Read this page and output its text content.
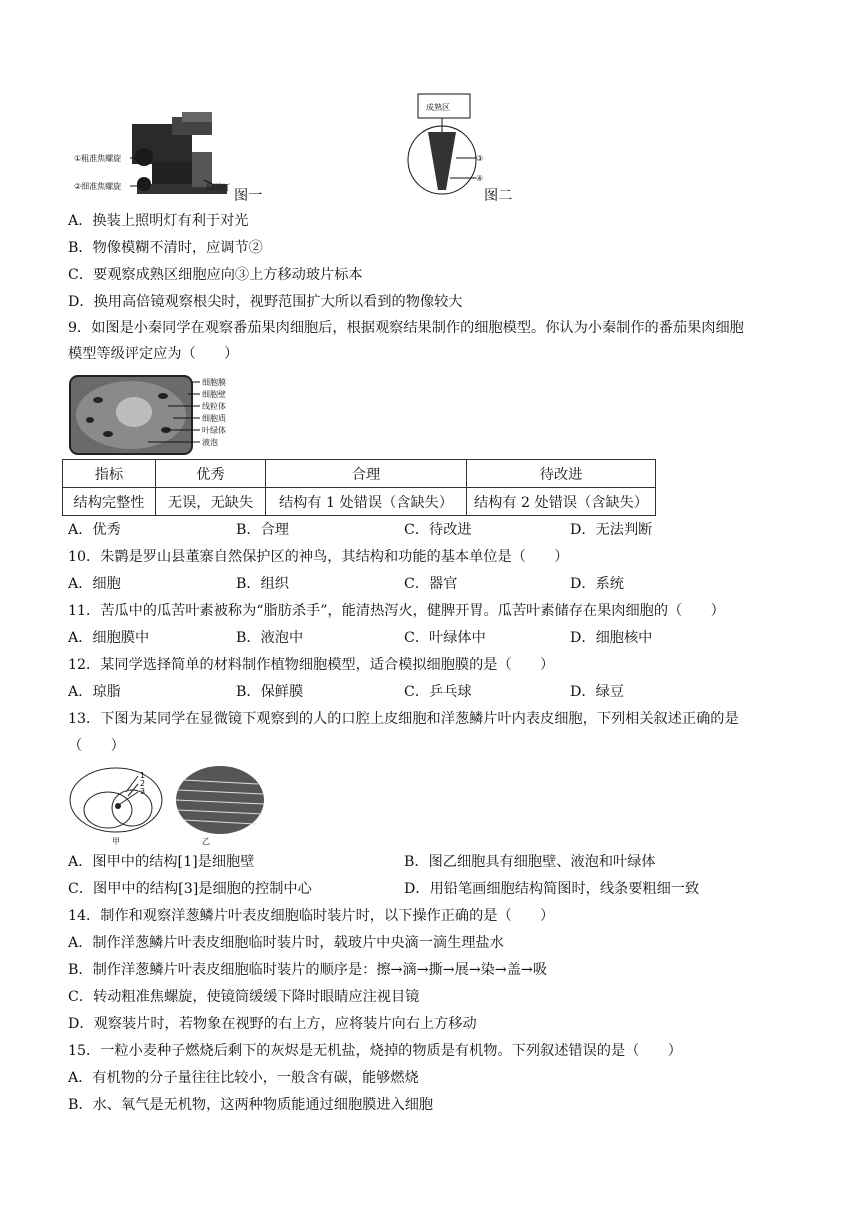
①粗准焦螺旋
②细准焦螺旋	照明灯
图一
成熟区
③
④
图二
A．换装上照明灯有利于对光
B．物像模糊不清时，应调节②
C．要观察成熟区细胞应向③上方移动玻片标本
D．换用高倍镜观察根尖时，视野范围扩大所以看到的物像较大
9．如图是小秦同学在观察番茄果肉细胞后，根据观察结果制作的细胞模型。你认为小秦制作的番茄果肉细胞
模型等级评定应为（　　）
细胞膜
细胞壁
线粒体
细胞质
叶绿体
液泡
指标	优秀	合理	待改进
结构完整性	无误，无缺失	结构有 1 处错误（含缺失）	结构有 2 处错误（含缺失）
A．优秀	B．合理	C．待改进	D．无法判断
10．朱鹮是罗山县董寨自然保护区的神鸟，其结构和功能的基本单位是（　　）
A．细胞	B．组织	C．器官	D．系统
11．苦瓜中的瓜苦叶素被称为“脂肪杀手”，能清热泻火，健脾开胃。瓜苦叶素储存在果肉细胞的（　　）
A．细胞膜中	B．液泡中	C．叶绿体中	D．细胞核中
12．某同学选择简单的材料制作植物细胞模型，适合模拟细胞膜的是（　　）
A．琼脂	B．保鲜膜	C．乒乓球	D．绿豆
13．下图为某同学在显微镜下观察到的人的口腔上皮细胞和洋葱鳞片叶内表皮细胞，下列相关叙述正确的是
（　　）
1
2
3
甲	乙
A．图甲中的结构[1]是细胞壁	B．图乙细胞具有细胞壁、液泡和叶绿体
C．图甲中的结构[3]是细胞的控制中心	D．用铅笔画细胞结构简图时，线条要粗细一致
14．制作和观察洋葱鳞片叶表皮细胞临时装片时，以下操作正确的是（　　）
A．制作洋葱鳞片叶表皮细胞临时装片时，载玻片中央滴一滴生理盐水
B．制作洋葱鳞片叶表皮细胞临时装片的顺序是：擦→滴→撕→展→染→盖→吸
C．转动粗准焦螺旋，使镜筒缓缓下降时眼睛应注视目镜
D．观察装片时，若物象在视野的右上方，应将装片向右上方移动
15．一粒小麦种子燃烧后剩下的灰烬是无机盐，烧掉的物质是有机物。下列叙述错误的是（　　）
A．有机物的分子量往往比较小，一般含有碳，能够燃烧
B．水、氧气是无机物，这两种物质能通过细胞膜进入细胞
